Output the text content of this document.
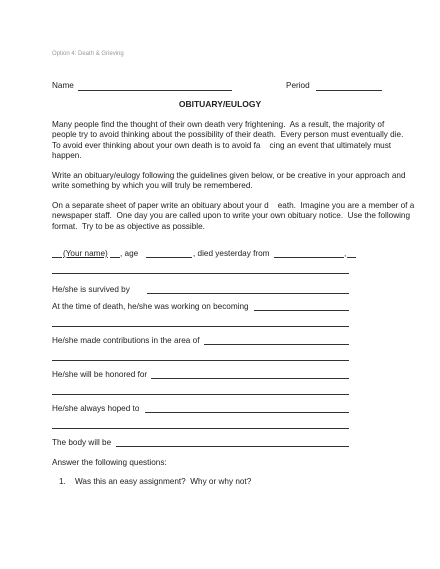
Option 4: Death & Grieving
Name	Period
OBITUARY/EULOGY
Many people find the thought of their own death very frightening.  As a result, the majority of
people try to avoid thinking about the possibility of their death.  Every person must eventually die.
To avoid ever thinking about your own death is to avoid fa    cing an event that ultimately must
happen.
Write an obituary/eulogy following the guidelines given below, or be creative in your approach and
write something by which you will truly be remembered.
On a separate sheet of paper write an obituary about your d    eath.  Imagine you are a member of a
newspaper staff.  One day you are called upon to write your own obituary notice.  Use the following
format.  Try to be as objective as possible.
(Your name) , age	, died yesterday from	,
He/she is survived by
At the time of death, he/she was working on becoming
He/she made contributions in the area of
He/she will be honored for
He/she always hoped to
The body will be
Answer the following questions:
1. Was this an easy assignment?  Why or why not?
